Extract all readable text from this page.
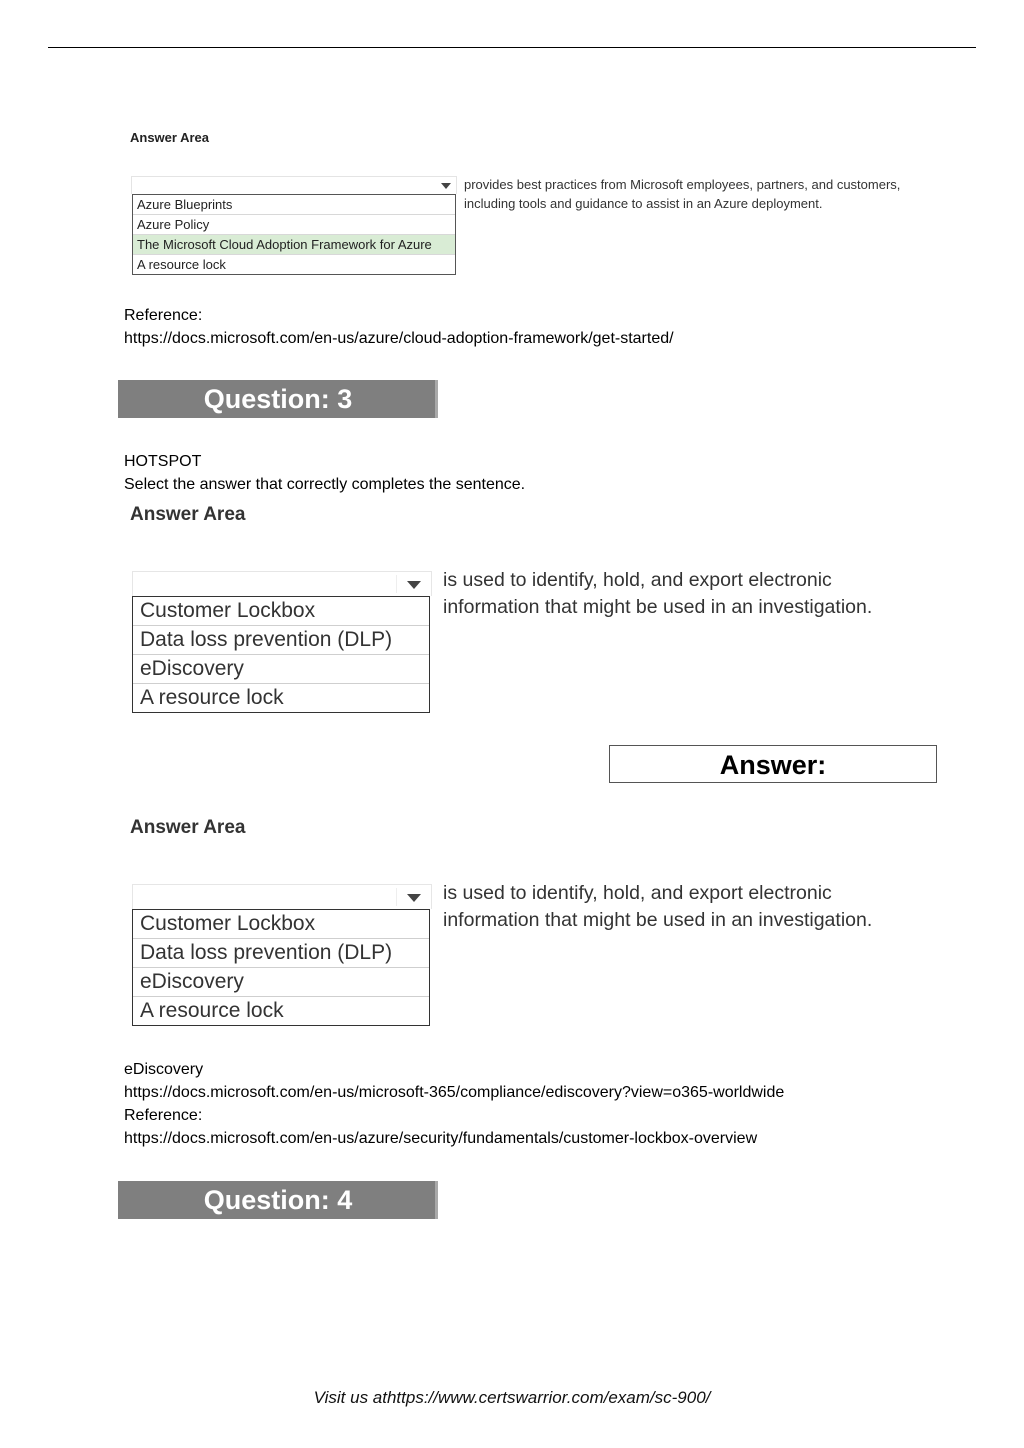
Answer Area
Azure Blueprints
Azure Policy
The Microsoft Cloud Adoption Framework for Azure
A resource lock
provides best practices from Microsoft employees, partners, and customers,
including tools and guidance to assist in an Azure deployment.
Reference:
https://docs.microsoft.com/en-us/azure/cloud-adoption-framework/get-started/
Question: 3
HOTSPOT
Select the answer that correctly completes the sentence.
Answer Area
Customer Lockbox
Data loss prevention (DLP)
eDiscovery
A resource lock
is used to identify, hold, and export electronic
information that might be used in an investigation.
Answer:
Answer Area
Customer Lockbox
Data loss prevention (DLP)
eDiscovery
A resource lock
is used to identify, hold, and export electronic
information that might be used in an investigation.
eDiscovery
https://docs.microsoft.com/en-us/microsoft-365/compliance/ediscovery?view=o365-worldwide
Reference:
https://docs.microsoft.com/en-us/azure/security/fundamentals/customer-lockbox-overview
Question: 4
Visit us athttps://www.certswarrior.com/exam/sc-900/
